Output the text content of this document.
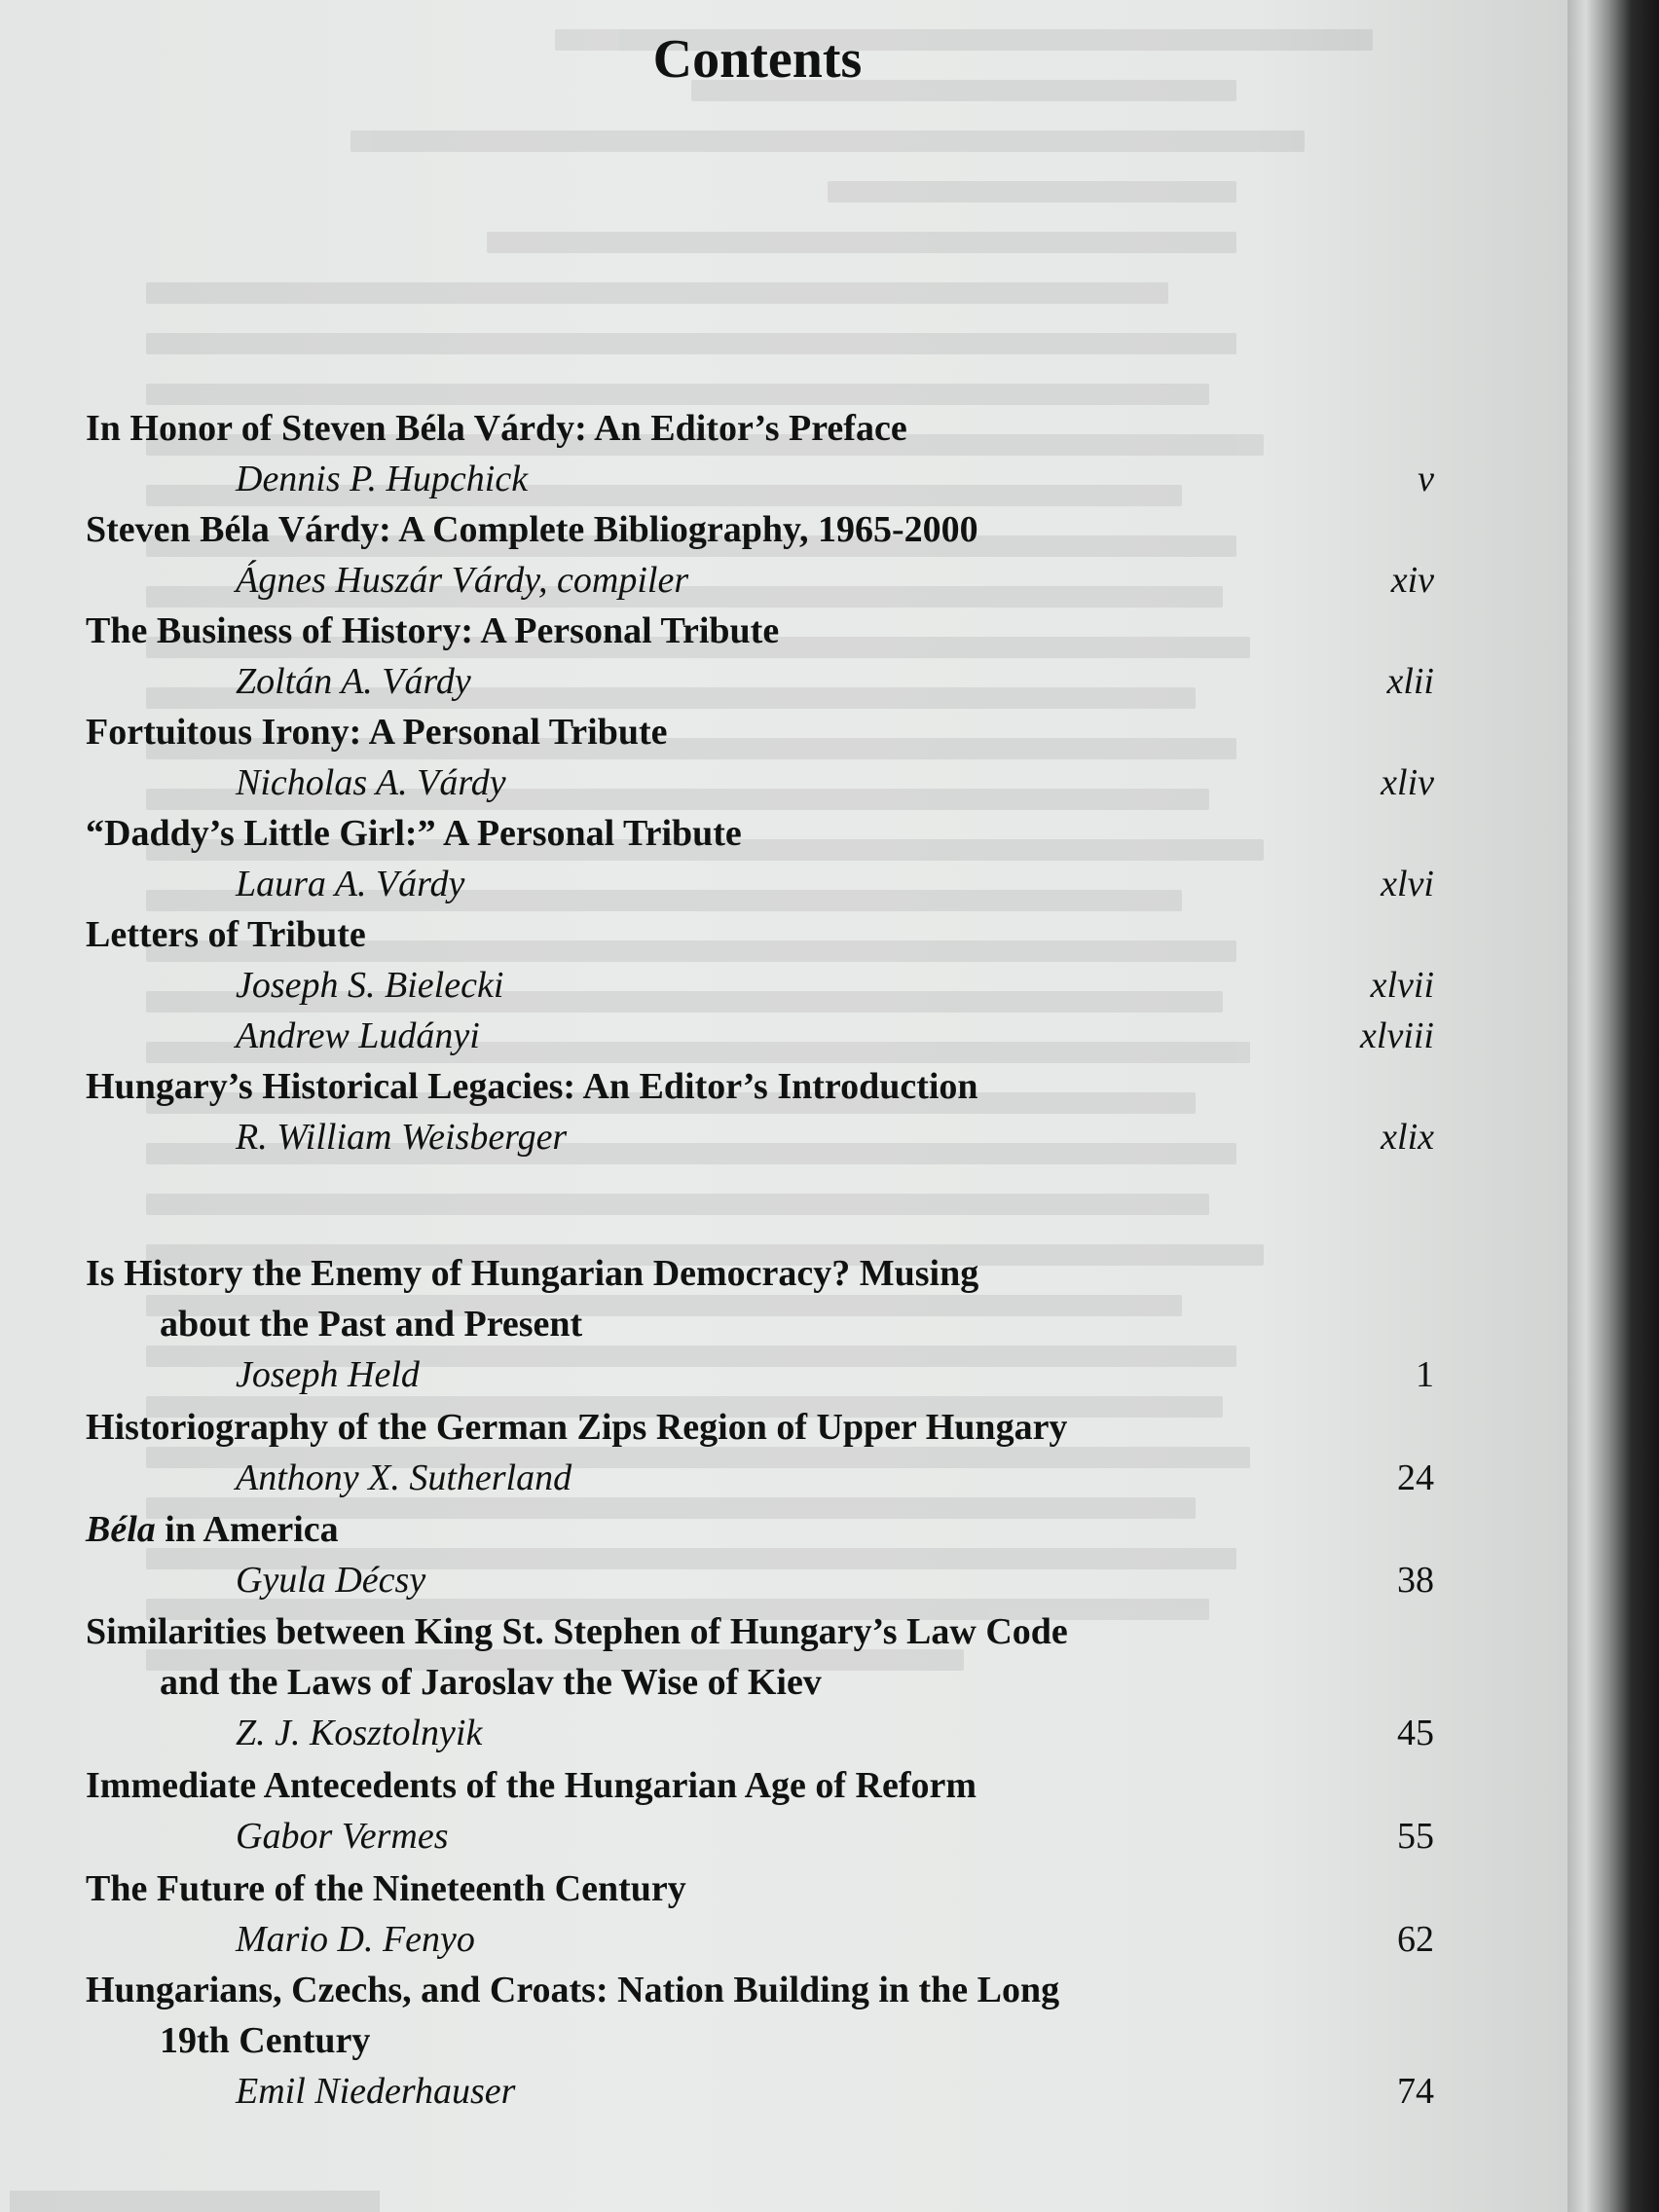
Contents
In Honor of Steven Béla Várdy: An Editor’s Preface
Dennis P. Hupchick	v
Steven Béla Várdy: A Complete Bibliography, 1965-2000
Ágnes Huszár Várdy, compiler	xiv
The Business of History: A Personal Tribute
Zoltán A. Várdy	xlii
Fortuitous Irony: A Personal Tribute
Nicholas A. Várdy	xliv
“Daddy’s Little Girl:” A Personal Tribute
Laura A. Várdy	xlvi
Letters of Tribute
Joseph S. Bielecki	xlvii
Andrew Ludányi	xlviii
Hungary’s Historical Legacies: An Editor’s Introduction
R. William Weisberger	xlix
Is History the Enemy of Hungarian Democracy? Musing
about the Past and Present
Joseph Held	1
Historiography of the German Zips Region of Upper Hungary
Anthony X. Sutherland	24
Béla in America
Gyula Décsy	38
Similarities between King St. Stephen of Hungary’s Law Code
and the Laws of Jaroslav the Wise of Kiev
Z. J. Kosztolnyik	45
Immediate Antecedents of the Hungarian Age of Reform
Gabor Vermes	55
The Future of the Nineteenth Century
Mario D. Fenyo	62
Hungarians, Czechs, and Croats: Nation Building in the Long
19th Century
Emil Niederhauser	74
